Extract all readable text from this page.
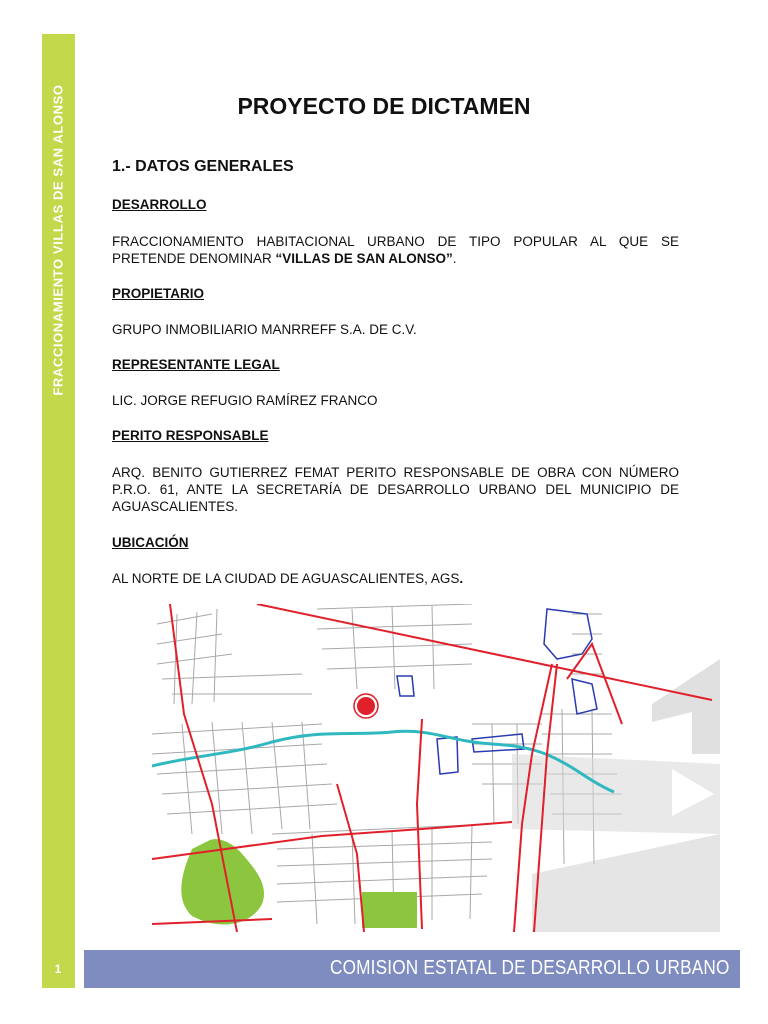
FRACCIONAMIENTO VILLAS DE SAN ALONSO
1
PROYECTO DE DICTAMEN
1.- DATOS GENERALES
DESARROLLO
FRACCIONAMIENTO HABITACIONAL URBANO DE TIPO POPULAR AL QUE SE PRETENDE DENOMINAR “VILLAS DE SAN ALONSO”.
PROPIETARIO
GRUPO INMOBILIARIO MANRREFF S.A. DE C.V.
REPRESENTANTE LEGAL
LIC. JORGE REFUGIO RAMÍREZ FRANCO
PERITO RESPONSABLE
ARQ. BENITO GUTIERREZ FEMAT PERITO RESPONSABLE DE OBRA CON NÚMERO P.R.O. 61, ANTE LA SECRETARÍA DE DESARROLLO URBANO DEL MUNICIPIO DE AGUASCALIENTES.
UBICACIÓN
AL NORTE DE LA CIUDAD DE AGUASCALIENTES, AGS.
COMISION ESTATAL DE DESARROLLO URBANO
